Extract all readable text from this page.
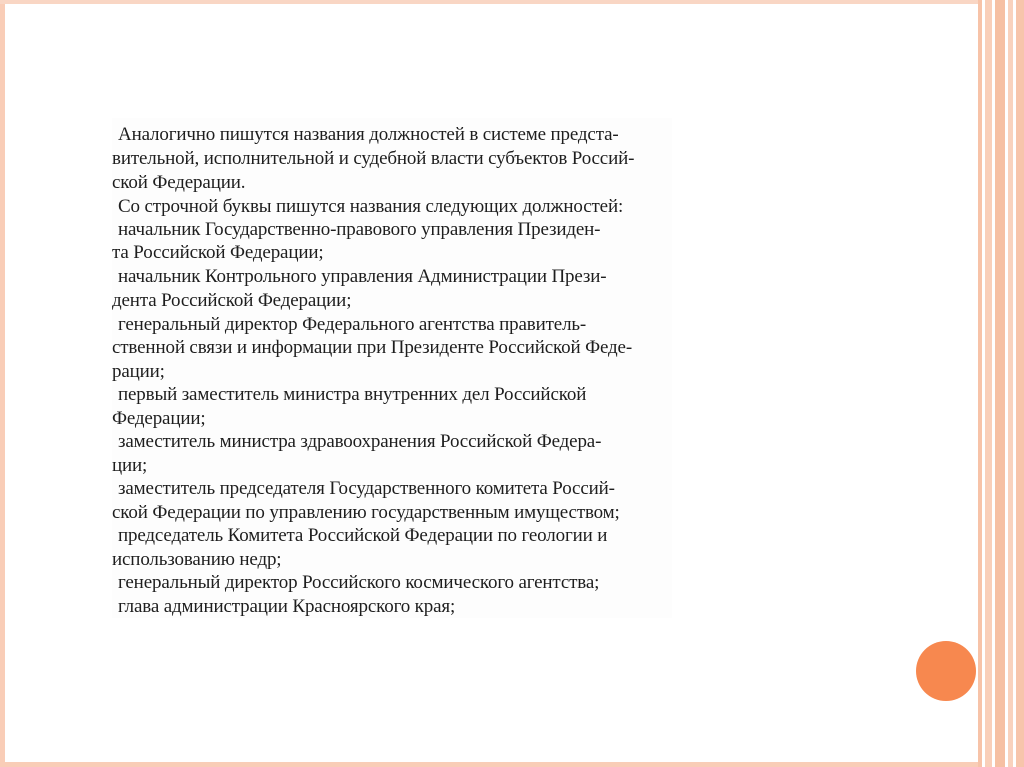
Аналогично пишутся названия должностей в системе предста-
вительной, исполнительной и судебной власти субъектов Россий-
ской Федерации.
Со строчной буквы пишутся названия следующих должностей:
начальник Государственно-правового управления Президен-
та Российской Федерации;
начальник Контрольного управления Администрации Прези-
дента Российской Федерации;
генеральный директор Федерального агентства правитель-
ственной связи и информации при Президенте Российской Феде-
рации;
первый заместитель министра внутренних дел Российской
Федерации;
заместитель министра здравоохранения Российской Федера-
ции;
заместитель председателя Государственного комитета Россий-
ской Федерации по управлению государственным имуществом;
председатель Комитета Российской Федерации по геологии и
использованию недр;
генеральный директор Российского космического агентства;
глава администрации Красноярского края;
